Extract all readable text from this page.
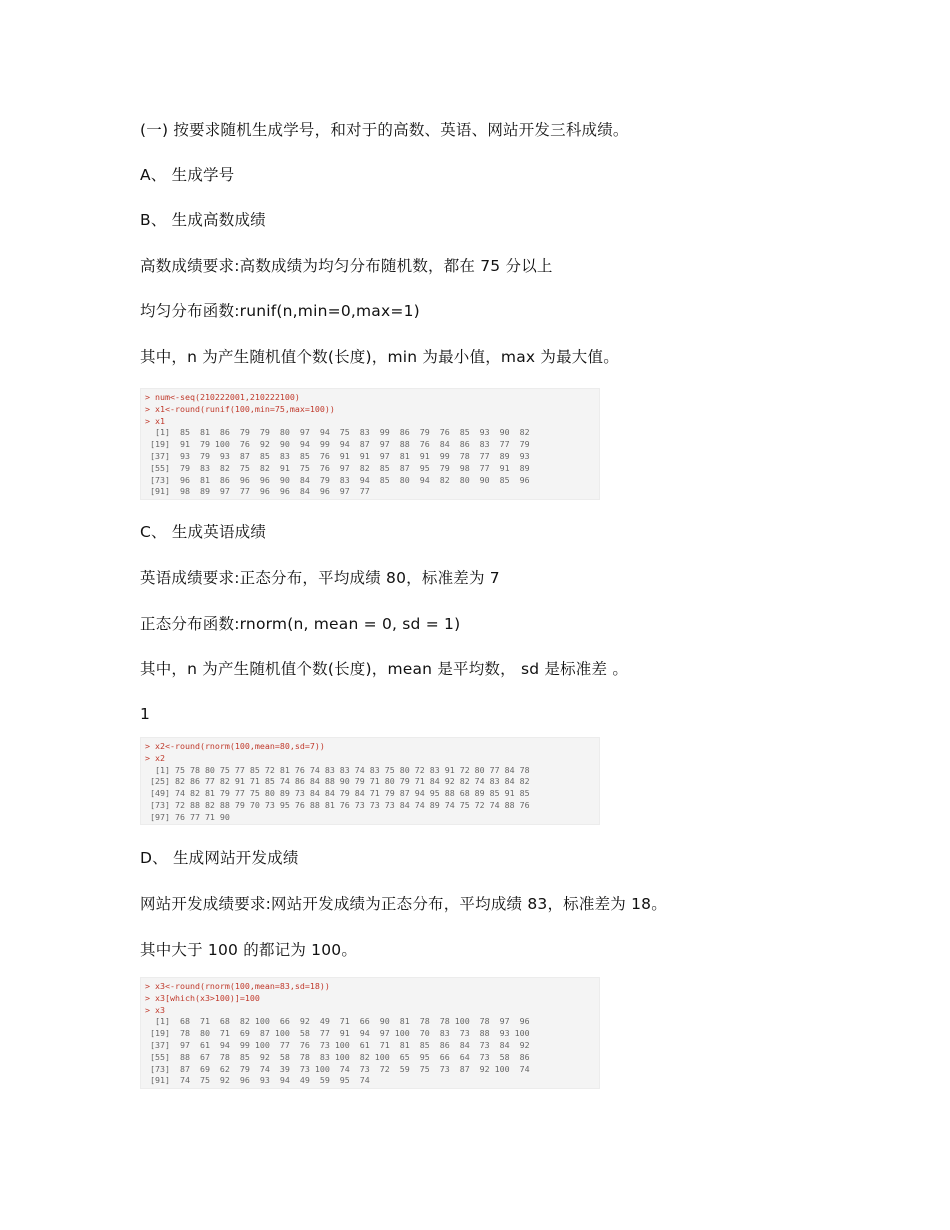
(一) 按要求随机生成学号，和对于的高数、英语、网站开发三科成绩。
A、 生成学号
B、 生成高数成绩
高数成绩要求:高数成绩为均匀分布随机数，都在 75 分以上
均匀分布函数:runif(n,min=0,max=1)
其中，n 为产生随机值个数(长度)，min 为最小值，max 为最大值。
> num<-seq(210222001,210222100)
> x1<-round(runif(100,min=75,max=100))
> x1
[1]  85  81  86  79  79  80  97  94  75  83  99  86  79  76  85  93  90  82
[19]  91  79 100  76  92  90  94  99  94  87  97  88  76  84  86  83  77  79
[37]  93  79  93  87  85  83  85  76  91  91  97  81  91  99  78  77  89  93
[55]  79  83  82  75  82  91  75  76  97  82  85  87  95  79  98  77  91  89
[73]  96  81  86  96  96  90  84  79  83  94  85  80  94  82  80  90  85  96
[91]  98  89  97  77  96  96  84  96  97  77
C、 生成英语成绩
英语成绩要求:正态分布，平均成绩 80，标准差为 7
正态分布函数:rnorm(n, mean = 0, sd = 1)
其中，n 为产生随机值个数(长度)，mean 是平均数， sd 是标准差 。
1
> x2<-round(rnorm(100,mean=80,sd=7))
> x2
[1] 75 78 80 75 77 85 72 81 76 74 83 83 74 83 75 80 72 83 91 72 80 77 84 78
[25] 82 86 77 82 91 71 85 74 86 84 88 90 79 71 80 79 71 84 92 82 74 83 84 82
[49] 74 82 81 79 77 75 80 89 73 84 84 79 84 71 79 87 94 95 88 68 89 85 91 85
[73] 72 88 82 88 79 70 73 95 76 88 81 76 73 73 73 84 74 89 74 75 72 74 88 76
[97] 76 77 71 90
D、 生成网站开发成绩
网站开发成绩要求:网站开发成绩为正态分布，平均成绩 83，标准差为 18。
其中大于 100 的都记为 100。
> x3<-round(rnorm(100,mean=83,sd=18))
> x3[which(x3>100)]=100
> x3
[1]  68  71  68  82 100  66  92  49  71  66  90  81  78  78 100  78  97  96
[19]  78  80  71  69  87 100  58  77  91  94  97 100  70  83  73  88  93 100
[37]  97  61  94  99 100  77  76  73 100  61  71  81  85  86  84  73  84  92
[55]  88  67  78  85  92  58  78  83 100  82 100  65  95  66  64  73  58  86
[73]  87  69  62  79  74  39  73 100  74  73  72  59  75  73  87  92 100  74
[91]  74  75  92  96  93  94  49  59  95  74
